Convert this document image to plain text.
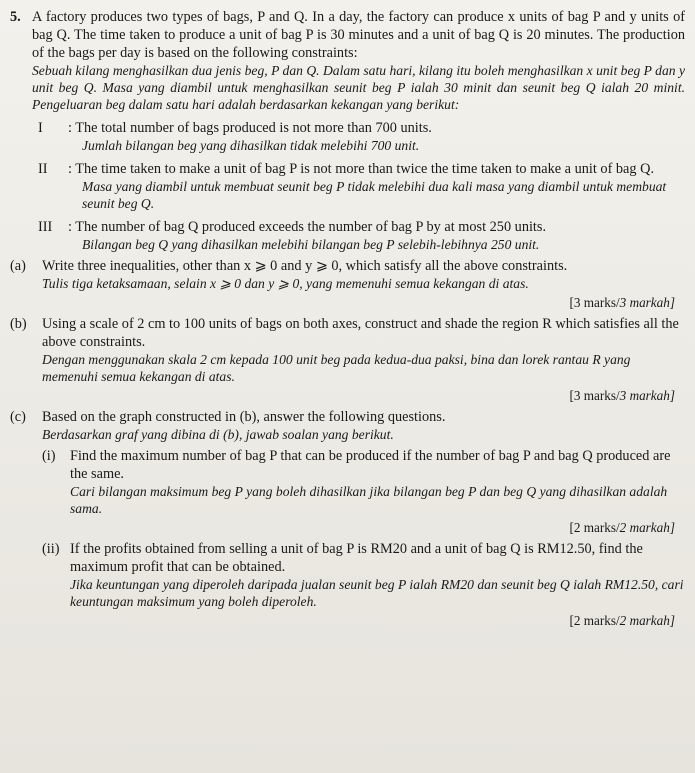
5. A factory produces two types of bags, P and Q. In a day, the factory can produce x units of bag P and y units of bag Q. The time taken to produce a unit of bag P is 30 minutes and a unit of bag Q is 20 minutes. The production of the bags per day is based on the following constraints:

Sebuah kilang menghasilkan dua jenis beg, P dan Q. Dalam satu hari, kilang itu boleh menghasilkan x unit beg P dan y unit beg Q. Masa yang diambil untuk menghasilkan seunit beg P ialah 30 minit dan seunit beg Q ialah 20 minit. Pengeluaran beg dalam satu hari adalah berdasarkan kekangan yang berikut:

I	: The total number of bags produced is not more than 700 units.

Jumlah bilangan beg yang dihasilkan tidak melebihi 700 unit.

II	: The time taken to make a unit of bag P is not more than twice the time taken to make a unit of bag Q.

Masa yang diambil untuk membuat seunit beg P tidak melebihi dua kali masa yang diambil untuk membuat seunit beg Q.

III	: The number of bag Q produced exceeds the number of bag P by at most 250 units.

Bilangan beg Q yang dihasilkan melebihi bilangan beg P selebih-lebihnya 250 unit.

(a)	Write three inequalities, other than x ⩾ 0 and y ⩾ 0, which satisfy all the above constraints.

Tulis tiga ketaksamaan, selain x ⩾ 0 dan y ⩾ 0, yang memenuhi semua kekangan di atas.

[3 marks/3 markah]

(b)	Using a scale of 2 cm to 100 units of bags on both axes, construct and shade the region R which satisfies all the above constraints.

Dengan menggunakan skala 2 cm kepada 100 unit beg pada kedua-dua paksi, bina dan lorek rantau R yang memenuhi semua kekangan di atas.

[3 marks/3 markah]

(c)	Based on the graph constructed in (b), answer the following questions.

Berdasarkan graf yang dibina di (b), jawab soalan yang berikut.

(i)	Find the maximum number of bag P that can be produced if the number of bag P and bag Q produced are the same.

Cari bilangan maksimum beg P yang boleh dihasilkan jika bilangan beg P dan beg Q yang dihasilkan adalah sama.

[2 marks/2 markah]

(ii) If the profits obtained from selling a unit of bag P is RM20 and a unit of bag Q is RM12.50, find the maximum profit that can be obtained.

Jika keuntungan yang diperoleh daripada jualan seunit beg P ialah RM20 dan seunit beg Q ialah RM12.50, cari keuntungan maksimum yang boleh diperoleh.

[2 marks/2 markah]
